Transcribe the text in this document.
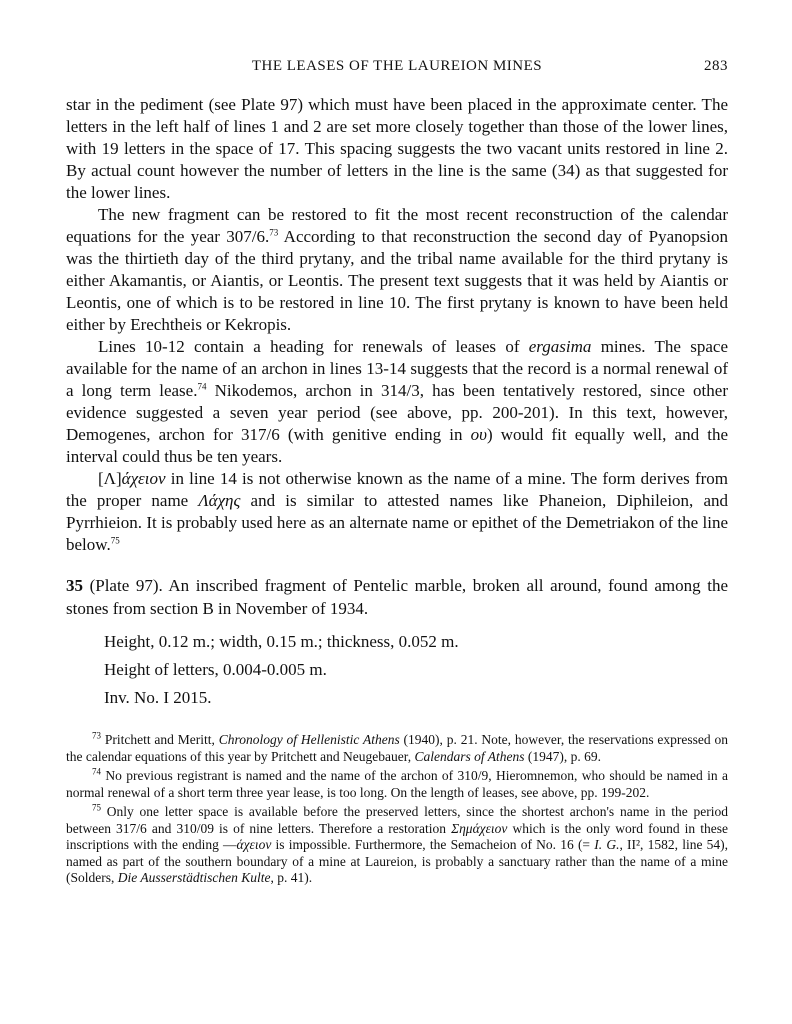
THE LEASES OF THE LAUREION MINES	283

star in the pediment (see Plate 97) which must have been placed in the approximate center. The letters in the left half of lines 1 and 2 are set more closely together than those of the lower lines, with 19 letters in the space of 17. This spacing suggests the two vacant units restored in line 2. By actual count however the number of letters in the line is the same (34) as that suggested for the lower lines.

The new fragment can be restored to fit the most recent reconstruction of the calendar equations for the year 307/6.73 According to that reconstruction the second day of Pyanopsion was the thirtieth day of the third prytany, and the tribal name available for the third prytany is either Akamantis, or Aiantis, or Leontis. The present text suggests that it was held by Aiantis or Leontis, one of which is to be restored in line 10. The first prytany is known to have been held either by Erechtheis or Kekropis.

Lines 10-12 contain a heading for renewals of leases of ergasima mines. The space available for the name of an archon in lines 13-14 suggests that the record is a normal renewal of a long term lease.$^{74}$ Nikodemos, archon in 314/3, has been tentatively restored, since other evidence suggested a seven year period (see above, pp. 200-201). In this text, however, Demogenes, archon for 317/6 (with genitive ending in ου) would fit equally well, and the interval could thus be ten years.

[Λ]άχειον in line 14 is not otherwise known as the name of a mine. The form derives from the proper name Λάχης and is similar to attested names like Phaneion, Diphileion, and Pyrrhieion. It is probably used here as an alternate name or epithet of the Demetriakon of the line below.$^{75}$

35 (Plate 97). An inscribed fragment of Pentelic marble, broken all around, found among the stones from section B in November of 1934.
Height, 0.12 m.; width, 0.15 m.; thickness, 0.052 m.
Height of letters, 0.004-0.005 m.
Inv. No. I 2015.

$^{73}$ Pritchett and Meritt, Chronology of Hellenistic Athens (1940), p. 21. Note, however, the reservations expressed on the calendar equations of this year by Pritchett and Neugebauer, Calendars of Athens (1947), p. 69.

$^{74}$ No previous registrant is named and the name of the archon of 310/9, Hieromnemon, who should be named in a normal renewal of a short term three year lease, is too long. On the length of leases, see above, pp. 199-202.

$^{75}$ Only one letter space is available before the preserved letters, since the shortest archon's name in the period between 317/6 and 310/09 is of nine letters. Therefore a restoration Σημάχειον which is the only word found in these inscriptions with the ending —άχειον is impossible. Furthermore, the Semacheion of No. 16 (= I. G., II², 1582, line 54), named as part of the southern boundary of a mine at Laureion, is probably a sanctuary rather than the name of a mine (Solders, Die Ausserstädtischen Kulte, p. 41).
